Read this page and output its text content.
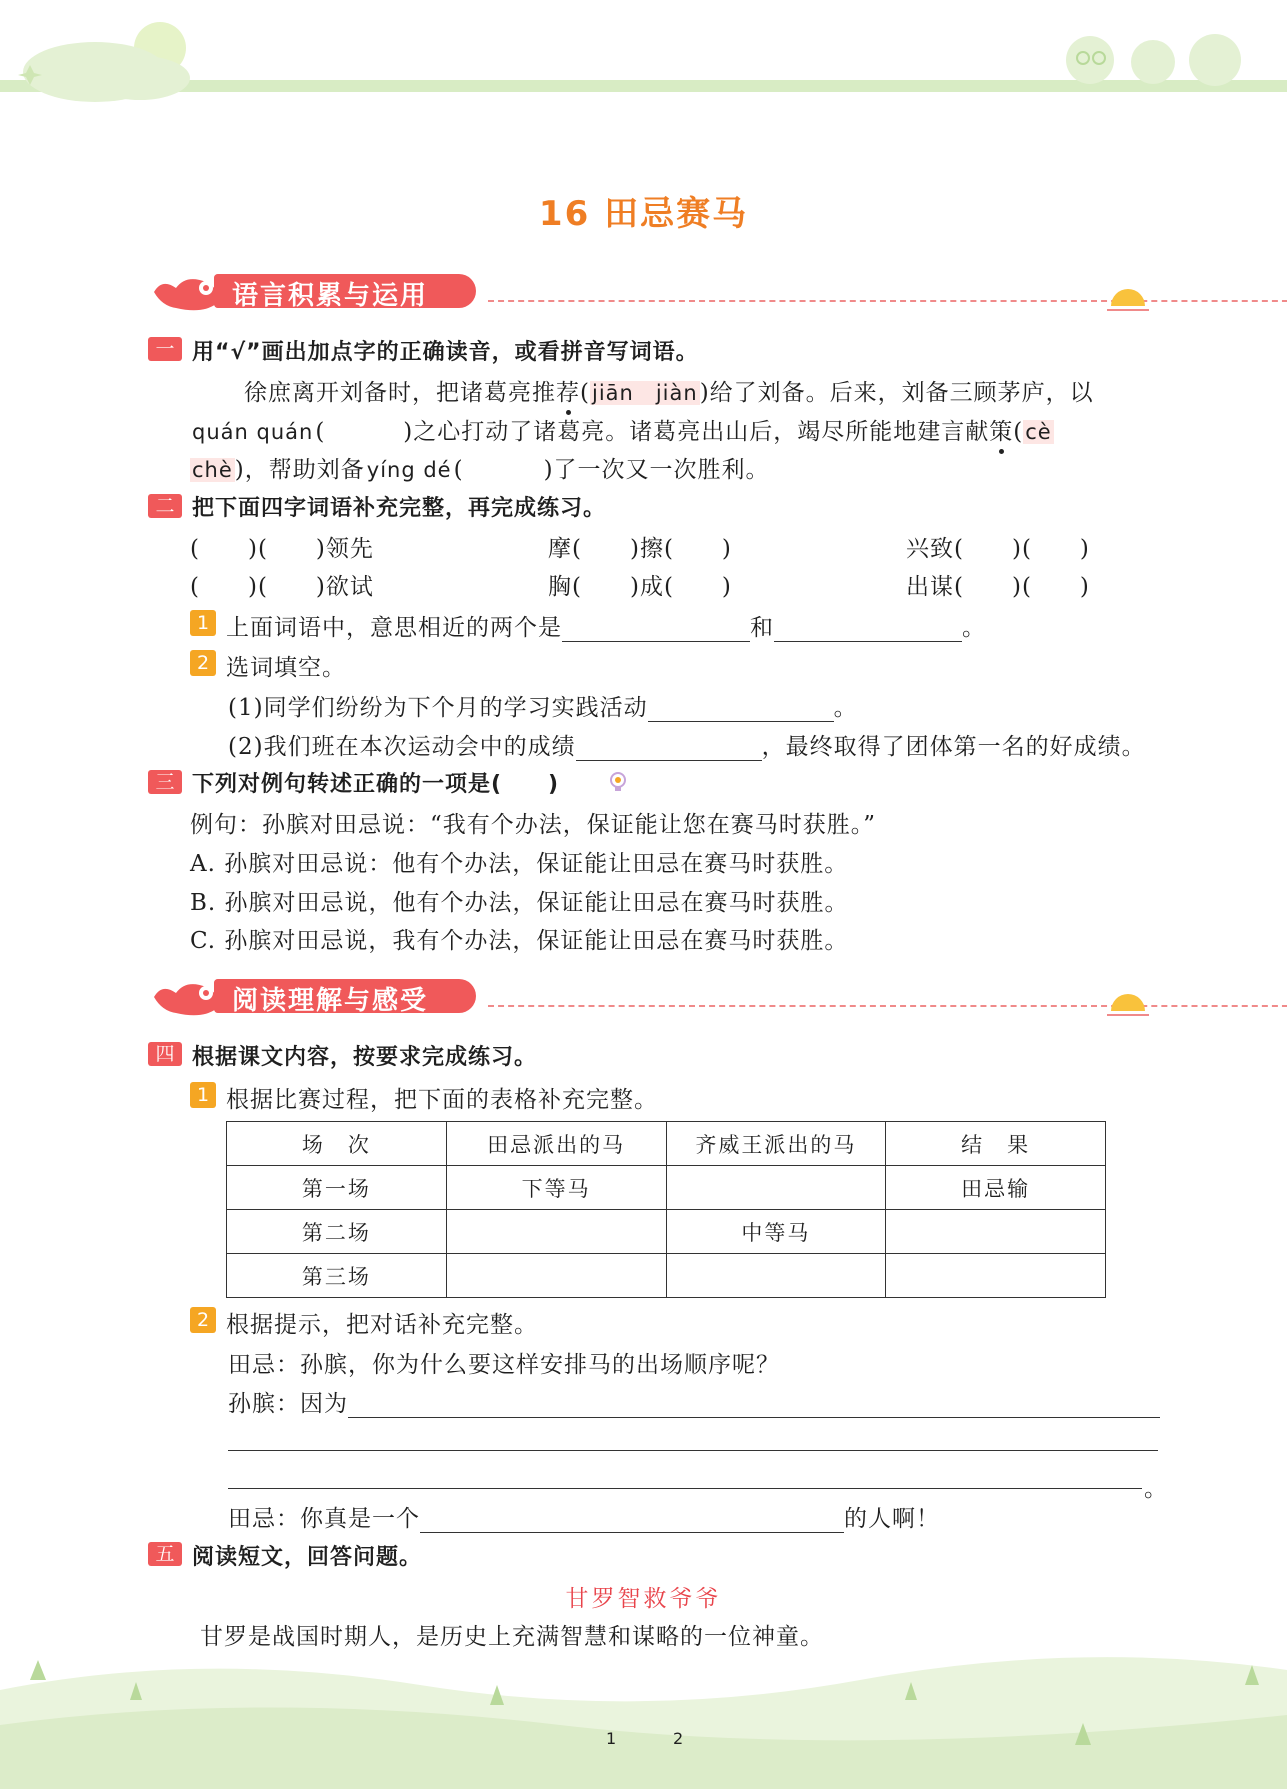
16 田忌赛马
语言积累与运用
一 用“√”画出加点字的正确读音，或看拼音写词语。
徐庶离开刘备时，把诸葛亮推荐(jiān　jiàn)给了刘备。后来，刘备三顾茅庐，以
quán quán(	)之心打动了诸葛亮。诸葛亮出山后，竭尽所能地建言献策(cè
chè)，帮助刘备yíng dé(	)了一次又一次胜利。
二 把下面四字词语补充完整，再完成练习。
(　　)(　　)领先	摩(　　)擦(　　)	兴致(　　)(　　)
(　　)(　　)欲试	胸(　　)成(　　)	出谋(　　)(　　)
1 上面词语中，意思相近的两个是	和	。
2 选词填空。
(1)同学们纷纷为下个月的学习实践活动	。
(2)我们班在本次运动会中的成绩	，最终取得了团体第一名的好成绩。
三 下列对例句转述正确的一项是(　　)
例句：孙膑对田忌说：“我有个办法，保证能让您在赛马时获胜。”
A. 孙膑对田忌说：他有个办法，保证能让田忌在赛马时获胜。
B. 孙膑对田忌说，他有个办法，保证能让田忌在赛马时获胜。
C. 孙膑对田忌说，我有个办法，保证能让田忌在赛马时获胜。
阅读理解与感受
四 根据课文内容，按要求完成练习。
1 根据比赛过程，把下面的表格补充完整。
场　次	田忌派出的马	齐威王派出的马	结　果
第一场	下等马		田忌输
第二场		中等马	
第三场			
2 根据提示，把对话补充完整。
田忌：孙膑，你为什么要这样安排马的出场顺序呢？
孙膑：因为
。
田忌：你真是一个	的人啊！
五 阅读短文，回答问题。
甘罗智救爷爷
甘罗是战国时期人，是历史上充满智慧和谋略的一位神童。
1	2
